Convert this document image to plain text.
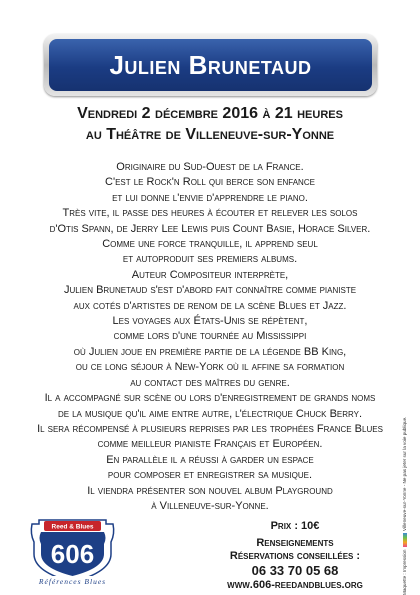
Julien Brunetaud
Vendredi 2 décembre 2016 à 21 heures
au Théâtre de Villeneuve-sur-Yonne
Originaire du Sud-Ouest de la France.
C'est le Rock'n Roll qui berce son enfance
et lui donne l'envie d'apprendre le piano.
Très vite, il passe des heures à écouter et relever les solos
d'Otis Spann, de Jerry Lee Lewis puis Count Basie, Horace Silver.
Comme une force tranquille, il apprend seul
et autoproduit ses premiers albums.
Auteur Compositeur interprète,
Julien Brunetaud s'est d'abord fait connaître comme pianiste
aux cotés d'artistes de renom de la scène Blues et Jazz.
Les voyages aux États-Unis se répètent,
comme lors d'une tournée au Mississippi
où Julien joue en première partie de la légende BB King,
ou ce long séjour à New-York où il affine sa formation
au contact des maîtres du genre.
Il a accompagné sur scène ou lors d'enregistrement de grands noms
de la musique qu'il aime entre autre, l'électrique Chuck Berry.
Il sera récompensé à plusieurs reprises par les trophées France Blues
comme meilleur pianiste Français et Européen.
En parallèle il a réussi à garder un espace
pour composer et enregistrer sa musique.
Il viendra présenter son nouvel album Playground
à Villeneuve-sur-Yonne.
Reed & Blues
606
Références Blues
Prix : 10€
Renseignements
Réservations conseillées :
06 33 70 05 68
www.606-reedandblues.org	Maquette : Impression  Villeneuve-sur-Yonne - Ne pas jeter sur la voie publique.
